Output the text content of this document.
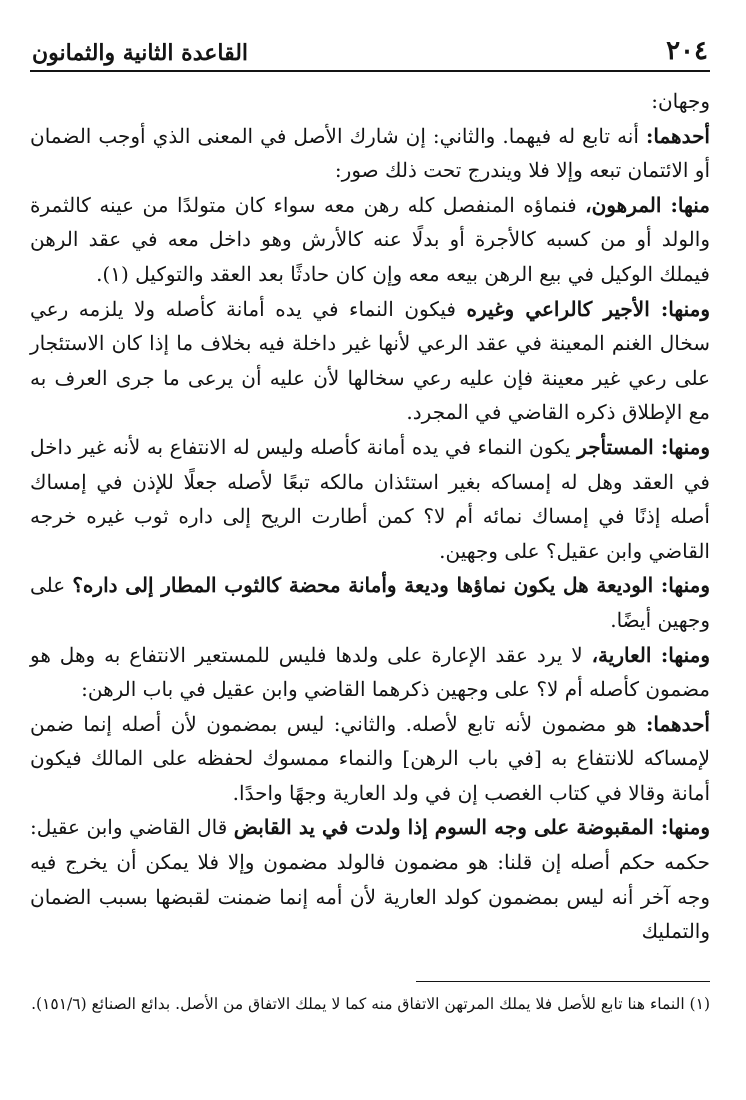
٢٠٤
القاعدة الثانية والثمانون

وجهان:

أحدهما: أنه تابع له فيهما. والثاني: إن شارك الأصل في المعنى الذي أوجب الضمان أو الائتمان تبعه وإلا فلا ويندرج تحت ذلك صور:

منها: المرهون، فنماؤه المنفصل كله رهن معه سواء كان متولدًا من عينه كالثمرة والولد أو من كسبه كالأجرة أو بدلًا عنه كالأرش وهو داخل معه في عقد الرهن فيملك الوكيل في بيع الرهن بيعه معه وإن كان حادثًا بعد العقد والتوكيل (١).

ومنها: الأجير كالراعي وغيره فيكون النماء في يده أمانة كأصله ولا يلزمه رعي سخال الغنم المعينة في عقد الرعي لأنها غير داخلة فيه بخلاف ما إذا كان الاستئجار على رعي غير معينة فإن عليه رعي سخالها لأن عليه أن يرعى ما جرى العرف به مع الإطلاق ذكره القاضي في المجرد.

ومنها: المستأجر يكون النماء في يده أمانة كأصله وليس له الانتفاع به لأنه غير داخل في العقد وهل له إمساكه بغير استئذان مالكه تبعًا لأصله جعلًا للإذن في إمساك أصله إذنًا في إمساك نمائه أم لا؟ كمن أطارت الريح إلى داره ثوب غيره خرجه القاضي وابن عقيل؟ على وجهين.

ومنها: الوديعة هل يكون نماؤها وديعة وأمانة محضة كالثوب المطار إلى داره؟ على وجهين أيضًا.

ومنها: العارية، لا يرد عقد الإعارة على ولدها فليس للمستعير الانتفاع به وهل هو مضمون كأصله أم لا؟ على وجهين ذكرهما القاضي وابن عقيل في باب الرهن:

أحدهما: هو مضمون لأنه تابع لأصله. والثاني: ليس بمضمون لأن أصله إنما ضمن لإمساكه للانتفاع به [في باب الرهن] والنماء ممسوك لحفظه على المالك فيكون أمانة وقالا في كتاب الغصب إن في ولد العارية وجهًا واحدًا.

ومنها: المقبوضة على وجه السوم إذا ولدت في يد القابض قال القاضي وابن عقيل: حكمه حكم أصله إن قلنا: هو مضمون فالولد مضمون وإلا فلا يمكن أن يخرج فيه وجه آخر أنه ليس بمضمون كولد العارية لأن أمه إنما ضمنت لقبضها بسبب الضمان والتمليك

(١) النماء هنا تابع للأصل فلا يملك المرتهن الاتفاق منه كما لا يملك الاتفاق من الأصل. بدائع الصنائع (١٥١/٦).
